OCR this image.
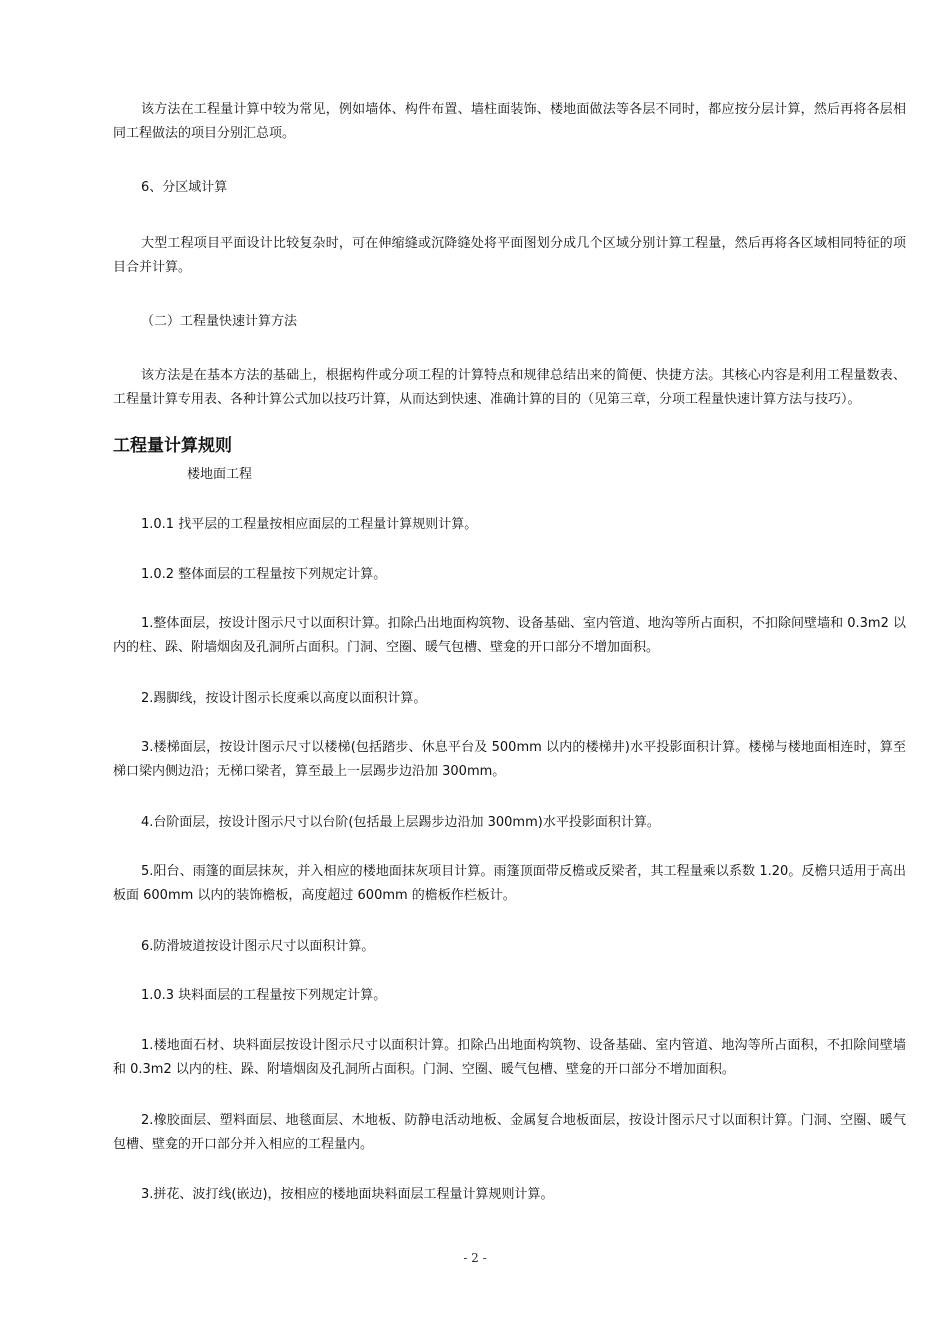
该方法在工程量计算中较为常见，例如墙体、构件布置、墙柱面装饰、楼地面做法等各层不同时，都应按分层计算，然后再将各层相同工程做法的项目分别汇总项。

6、分区域计算

大型工程项目平面设计比较复杂时，可在伸缩缝或沉降缝处将平面图划分成几个区域分别计算工程量，然后再将各区域相同特征的项目合并计算。

（二）工程量快速计算方法

该方法是在基本方法的基础上，根据构件或分项工程的计算特点和规律总结出来的简便、快捷方法。其核心内容是利用工程量数表、工程量计算专用表、各种计算公式加以技巧计算，从而达到快速、准确计算的目的（见第三章，分项工程量快速计算方法与技巧）。

工程量计算规则

楼地面工程

1.0.1 找平层的工程量按相应面层的工程量计算规则计算。

1.0.2 整体面层的工程量按下列规定计算。

1.整体面层，按设计图示尺寸以面积计算。扣除凸出地面构筑物、设备基础、室内管道、地沟等所占面积，不扣除间壁墙和 0.3m2 以内的柱、跺、附墙烟囱及孔洞所占面积。门洞、空圈、暖气包槽、壁龛的开口部分不增加面积。

2.踢脚线，按设计图示长度乘以高度以面积计算。

3.楼梯面层，按设计图示尺寸以楼梯(包括踏步、休息平台及 500mm 以内的楼梯井)水平投影面积计算。楼梯与楼地面相连时，算至梯口梁内侧边沿；无梯口梁者，算至最上一层踢步边沿加 300mm。

4.台阶面层，按设计图示尺寸以台阶(包括最上层踢步边沿加 300mm)水平投影面积计算。

5.阳台、雨篷的面层抹灰，并入相应的楼地面抹灰项目计算。雨篷顶面带反檐或反梁者，其工程量乘以系数 1.20。反檐只适用于高出板面 600mm 以内的装饰檐板，高度超过 600mm 的檐板作栏板计。

6.防滑坡道按设计图示尺寸以面积计算。

1.0.3 块料面层的工程量按下列规定计算。

1.楼地面石材、块料面层按设计图示尺寸以面积计算。扣除凸出地面构筑物、设备基础、室内管道、地沟等所占面积，不扣除间壁墙和 0.3m2 以内的柱、跺、附墙烟囱及孔洞所占面积。门洞、空圈、暖气包槽、壁龛的开口部分不增加面积。

2.橡胶面层、塑料面层、地毯面层、木地板、防静电活动地板、金属复合地板面层，按设计图示尺寸以面积计算。门洞、空圈、暖气包槽、壁龛的开口部分并入相应的工程量内。

3.拼花、波打线(嵌边)，按相应的楼地面块料面层工程量计算规则计算。

- 2 -
